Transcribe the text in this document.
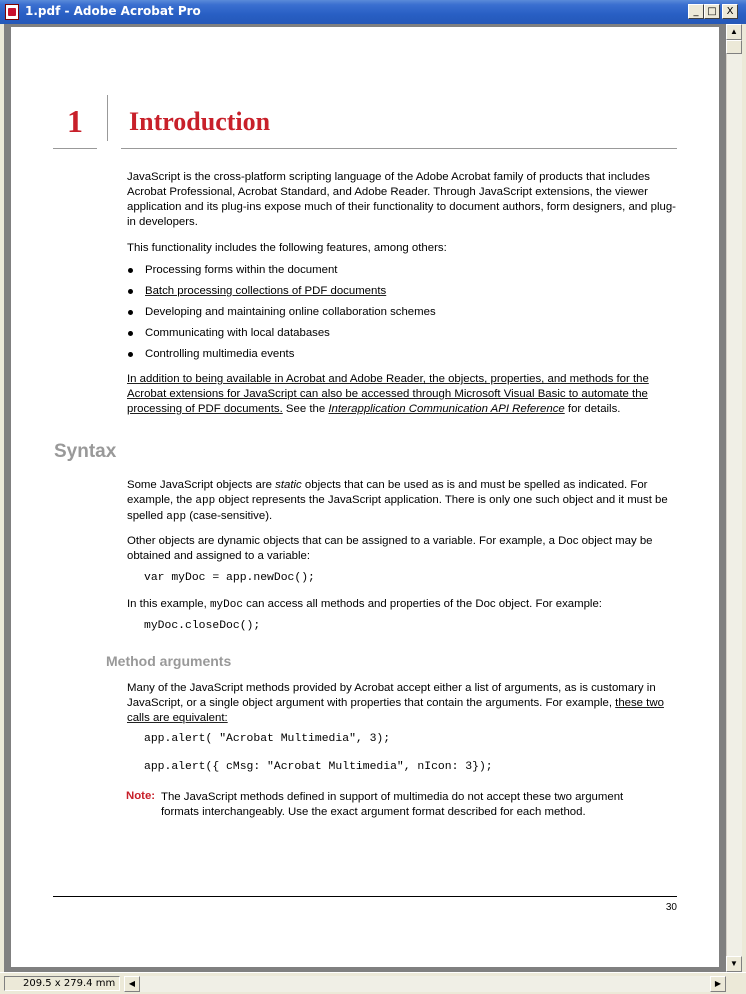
1.pdf - Adobe Acrobat Pro	_ □ X
1 Introduction
JavaScript is the cross-platform scripting language of the Adobe Acrobat family of products that includes Acrobat Professional, Acrobat Standard, and Adobe Reader. Through JavaScript extensions, the viewer application and its plug-ins expose much of their functionality to document authors, form designers, and plug-in developers.
This functionality includes the following features, among others:
Processing forms within the document
Batch processing collections of PDF documents
Developing and maintaining online collaboration schemes
Communicating with local databases
Controlling multimedia events
In addition to being available in Acrobat and Adobe Reader, the objects, properties, and methods for the Acrobat extensions for JavaScript can also be accessed through Microsoft Visual Basic to automate the processing of PDF documents. See the Interapplication Communication API Reference for details.
Syntax
Some JavaScript objects are static objects that can be used as is and must be spelled as indicated. For example, the app object represents the JavaScript application. There is only one such object and it must be spelled app (case-sensitive).
Other objects are dynamic objects that can be assigned to a variable. For example, a Doc object may be obtained and assigned to a variable:
var myDoc = app.newDoc();
In this example, myDoc can access all methods and properties of the Doc object. For example:
myDoc.closeDoc();
Method arguments
Many of the JavaScript methods provided by Acrobat accept either a list of arguments, as is customary in JavaScript, or a single object argument with properties that contain the arguments. For example, these two calls are equivalent:
app.alert( "Acrobat Multimedia", 3);
app.alert({ cMsg: "Acrobat Multimedia", nIcon: 3});
Note: The JavaScript methods defined in support of multimedia do not accept these two argument formats interchangeably. Use the exact argument format described for each method.
30
▲
▼
209.5 x 279.4 mm	◀	▶
